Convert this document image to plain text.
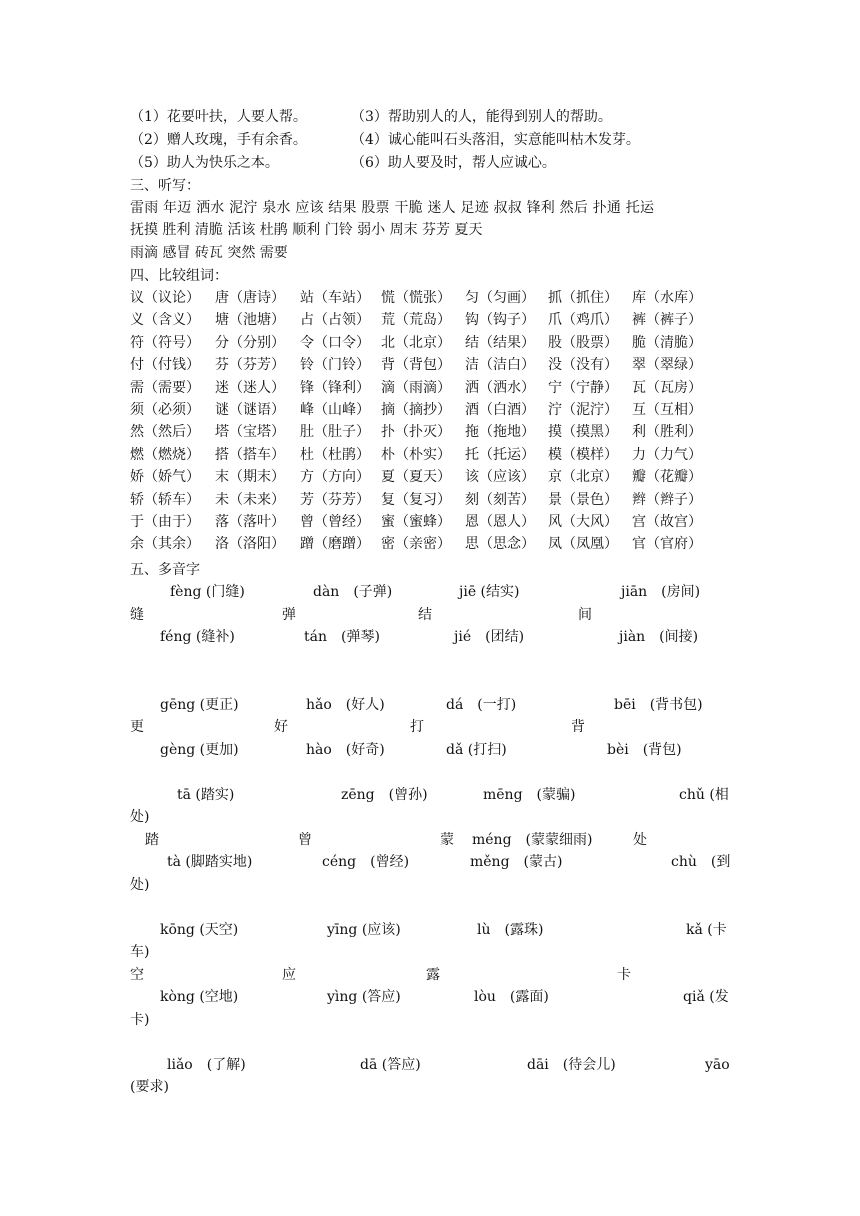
（1）花要叶扶，人要人帮。	（3）帮助别人的人，能得到别人的帮助。
（2）赠人玫瑰，手有余香。	（4）诚心能叫石头落泪，实意能叫枯木发芽。
（5）助人为快乐之本。	（6）助人要及时，帮人应诚心。
三、听写：
雷雨 年迈 洒水 泥泞 泉水 应该 结果 股票 干脆 迷人 足迹 叔叔 锋利 然后 扑通 托运
抚摸 胜利 清脆 活该 杜鹃 顺利 门铃 弱小 周末 芬芳 夏天
雨滴 感冒 砖瓦 突然 需要
四、比较组词：
议（议论） 唐（唐诗） 站（车站） 慌（慌张） 匀（匀画） 抓（抓住） 库（水库）
义（含义） 塘（池塘） 占（占领） 荒（荒岛） 钩（钩子） 爪（鸡爪） 裤（裤子）
符（符号） 分（分别） 令（口令） 北（北京） 结（结果） 股（股票） 脆（清脆）
付（付钱） 芬（芬芳） 铃（门铃） 背（背包） 洁（洁白） 没（没有） 翠（翠绿）
需（需要） 迷（迷人） 锋（锋利） 滴（雨滴） 洒（洒水） 宁（宁静） 瓦（瓦房）
须（必须） 谜（谜语） 峰（山峰） 摘（摘抄） 酒（白酒） 泞（泥泞） 互（互相）
然（然后） 塔（宝塔） 肚（肚子） 扑（扑灭） 拖（拖地） 摸（摸黑） 利（胜利）
燃（燃烧） 搭（搭车） 杜（杜鹃） 朴（朴实） 托（托运） 模（模样） 力（力气）
娇（娇气） 末（期末） 方（方向） 夏（夏天） 该（应该） 京（北京） 瓣（花瓣）
轿（轿车） 未（未来） 芳（芬芳） 复（复习） 刻（刻苦） 景（景色） 辫（辫子）
于（由于） 落（落叶） 曾（曾经） 蜜（蜜蜂） 恩（恩人） 风（大风） 宫（故宫）
余（其余） 洛（洛阳） 蹭（磨蹭） 密（亲密） 思（思念） 凤（凤凰） 官（官府）
五、多音字
fèng (门缝)	dàn　(子弹)	jiē (结实)	jiān　(房间)
缝	弹	结	间
féng (缝补)	tán　(弹琴)	jié　(团结)	jiàn　(间接)
gēng (更正)	hǎo　(好人)	dá　(一打)	bēi　(背书包)
更	好	打	背
gèng (更加)	hào　(好奇)	dǎ (打扫)	bèi　(背包)
tā (踏实)	zēng　(曾孙)	mēng　(蒙骗)	chǔ (相
处)
踏	曾	蒙 méng　(蒙蒙细雨)	处
tà (脚踏实地)	céng　(曾经)	měng　(蒙古)	chù　(到
处)
kōng (天空)	yīng (应该)	lù　(露珠)	kǎ (卡
车)
空	应	露	卡
kòng (空地)	yìng (答应)	lòu　(露面)	qiǎ (发
卡)
liǎo　(了解)	dā (答应)	dāi　(待会儿)	yāo
(要求)
